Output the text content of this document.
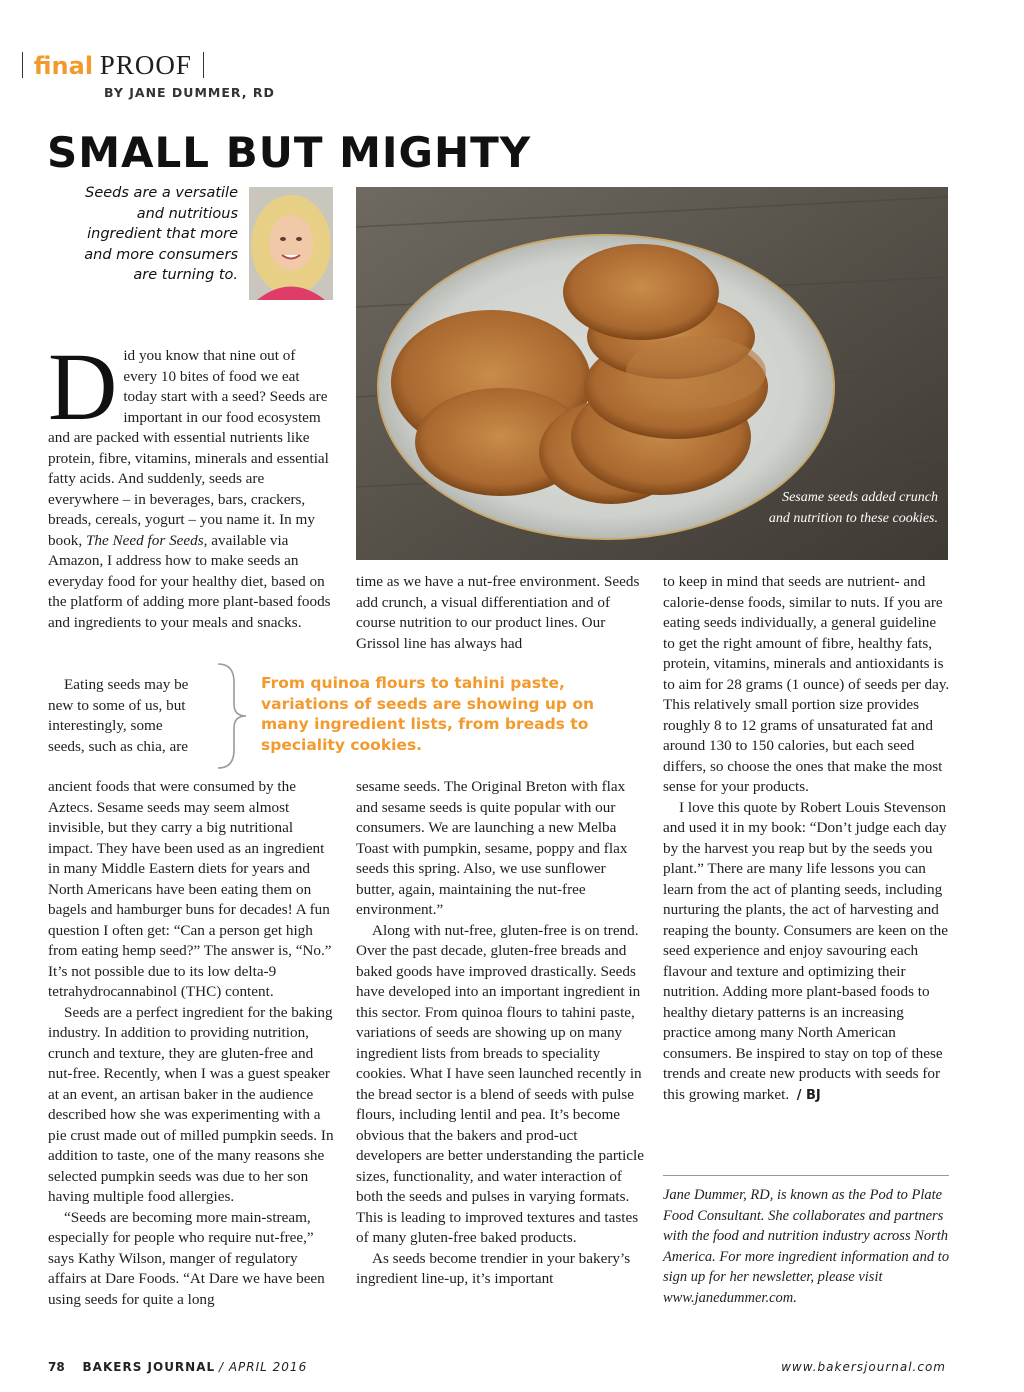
final PROOF
BY JANE DUMMER, RD
SMALL BUT MIGHTY
Seeds are a versatile and nutritious ingredient that more and more consumers are turning to.
Sesame seeds added crunch and nutrition to these cookies.

Did you know that nine out of every 10 bites of food we eat today start with a seed? Seeds are important in our food ecosystem and are packed with essential nutrients like protein, fibre, vitamins, minerals and essential fatty acids. And suddenly, seeds are everywhere – in beverages, bars, crackers, breads, cereals, yogurt – you name it. In my book, The Need for Seeds, available via Amazon, I address how to make seeds an everyday food for your healthy diet, based on the platform of adding more plant-based foods and ingredients to your meals and snacks.

Eating seeds may be new to some of us, but interestingly, some seeds, such as chia, are

ancient foods that were consumed by the Aztecs. Sesame seeds may seem almost invisible, but they carry a big nutritional impact. They have been used as an ingredient in many Middle Eastern diets for years and North Americans have been eating them on bagels and hamburger buns for decades! A fun question I often get: “Can a person get high from eating hemp seed?” The answer is, “No.” It’s not possible due to its low delta-9 tetrahydrocannabinol (THC) content.

Seeds are a perfect ingredient for the baking industry. In addition to providing nutrition, crunch and texture, they are gluten-free and nut-free. Recently, when I was a guest speaker at an event, an artisan baker in the audience described how she was experimenting with a pie crust made out of milled pumpkin seeds. In addition to taste, one of the many reasons she selected pumpkin seeds was due to her son having multiple food allergies.

“Seeds are becoming more main-stream, especially for people who require nut-free,” says Kathy Wilson, manger of regulatory affairs at Dare Foods. “At Dare we have been using seeds for quite a long

From quinoa flours to tahini paste, variations of seeds are showing up on many ingredient lists, from breads to speciality cookies.

time as we have a nut-free environment. Seeds add crunch, a visual differentiation and of course nutrition to our product lines. Our Grissol line has always had

sesame seeds. The Original Breton with flax and sesame seeds is quite popular with our consumers. We are launching a new Melba Toast with pumpkin, sesame, poppy and flax seeds this spring. Also, we use sunflower butter, again, maintaining the nut-free environment.”

Along with nut-free, gluten-free is on trend. Over the past decade, gluten-free breads and baked goods have improved drastically. Seeds have developed into an important ingredient in this sector. From quinoa flours to tahini paste, variations of seeds are showing up on many ingredient lists from breads to speciality cookies. What I have seen launched recently in the bread sector is a blend of seeds with pulse flours, including lentil and pea. It’s become obvious that the bakers and prod-uct developers are better understanding the particle sizes, functionality, and water interaction of both the seeds and pulses in varying formats. This is leading to improved textures and tastes of many gluten-free baked products.

As seeds become trendier in your bakery’s ingredient line-up, it’s important

to keep in mind that seeds are nutrient- and calorie-dense foods, similar to nuts. If you are eating seeds individually, a general guideline to get the right amount of fibre, healthy fats, protein, vitamins, minerals and antioxidants is to aim for 28 grams (1 ounce) of seeds per day. This relatively small portion size provides roughly 8 to 12 grams of unsaturated fat and around 130 to 150 calories, but each seed differs, so choose the ones that make the most sense for your products.

I love this quote by Robert Louis Stevenson and used it in my book: “Don’t judge each day by the harvest you reap but by the seeds you plant.” There are many life lessons you can learn from the act of planting seeds, including nurturing the plants, the act of harvesting and reaping the bounty. Consumers are keen on the seed experience and enjoy savouring each flavour and texture and optimizing their nutrition. Adding more plant-based foods to healthy dietary patterns is an increasing practice among many North American consumers. Be inspired to stay on top of these trends and create new products with seeds for this growing market. / BJ

Jane Dummer, RD, is known as the Pod to Plate Food Consultant. She collaborates and partners with the food and nutrition industry across North America. For more ingredient information and to sign up for her newsletter, please visit www.janedummer.com.
78 BAKERS JOURNAL / APRIL 2016	www.bakersjournal.com
